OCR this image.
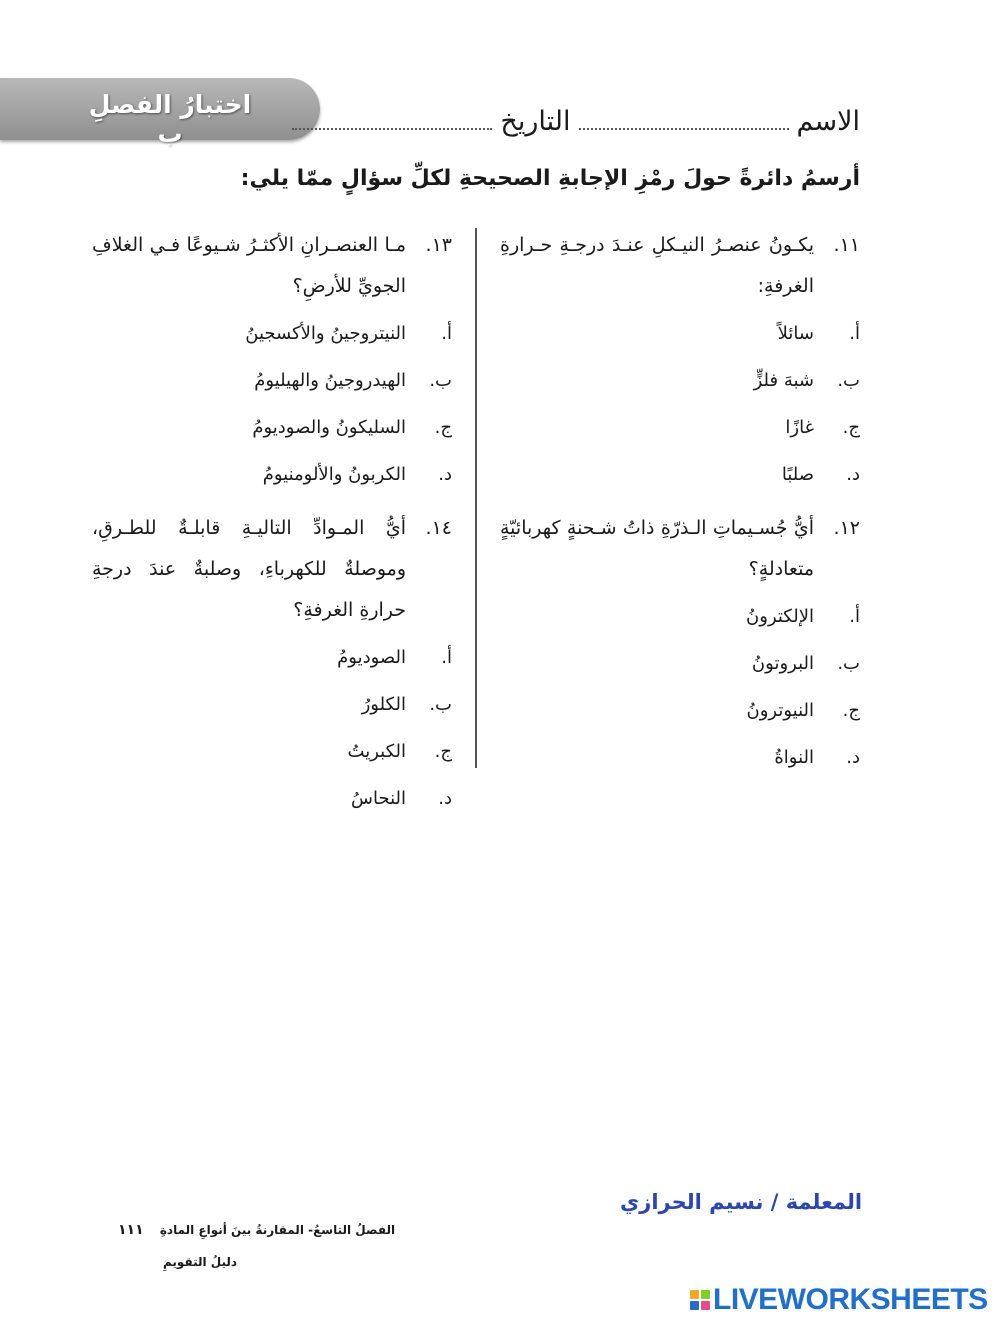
اختبارُ الفصلِ ب	الاسم
التاريخ
أرسمُ دائرةً حولَ رمْزِ الإجابةِ الصحيحةِ لكلِّ سؤالٍ ممّا يلي:
١١.
يكـونُ عنصـرُ النيـكلِ عنـدَ درجـةِ حـرارةِ الغرفةِ:
أ.
سائلاً
ب.
شبهَ فلزٍّ
ج.
غازًا
د.
صلبًا
١٢.
أيُّ جُسـيماتِ الـذرّةِ ذاتُ شـحنةٍ كهربائيّةٍ متعادلةٍ؟
أ.
الإلكترونُ
ب.
البروتونُ
ج.
النيوترونُ
د.
النواةُ
١٣.
مـا العنصـرانِ الأكثـرُ شـيوعًا فـي الغلافِ الجويِّ للأرضِ؟
أ.
النيتروجينُ والأكسجينُ
ب.
الهيدروجينُ والهيليومُ
ج.
السليكونُ والصوديومُ
د.
الكربونُ والألومنيومُ
١٤.
أيُّ المـوادِّ التاليـةِ قابلـةٌ للطـرقِ، وموصلةٌ للكهرباءِ، وصلبةٌ عندَ درجةِ حرارةِ الغرفةِ؟
أ.
الصوديومُ
ب.
الكلورُ
ج.
الكبريتُ
د.
النحاسُ
المعلمة / نسيم الحرازي
الفصلُ التاسعُ- المقارنةُ بينَ أنواعِ المادةِ ١١١
دليلُ التقويمِ
LIVEWORKSHEETS
